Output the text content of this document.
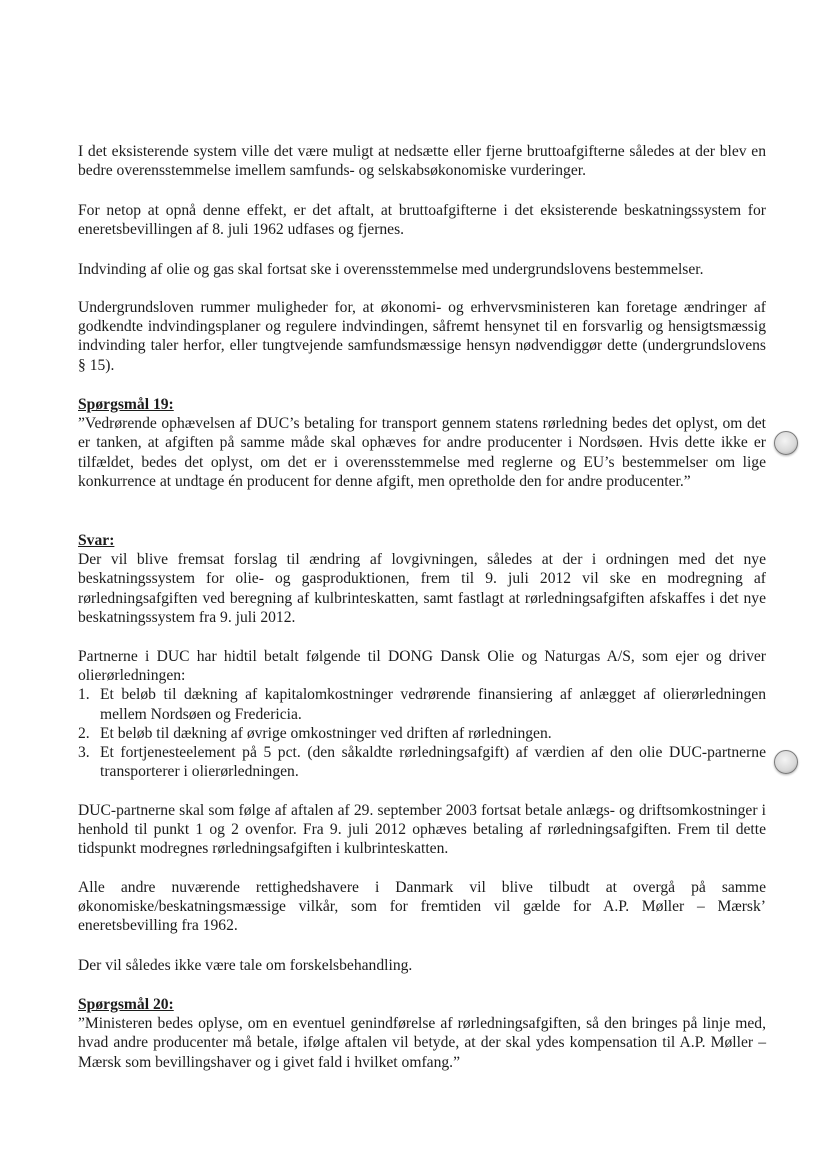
I det eksisterende system ville det være muligt at nedsætte eller fjerne bruttoafgifterne således at der blev en bedre overensstemmelse imellem samfunds- og selskabsøkonomiske vurderinger.

For netop at opnå denne effekt, er det aftalt, at bruttoafgifterne i det eksisterende beskatningssystem for eneretsbevillingen af 8. juli 1962 udfases og fjernes.

Indvinding af olie og gas skal fortsat ske i overensstemmelse med undergrundslovens bestemmelser.

Undergrundsloven rummer muligheder for, at økonomi- og erhvervsministeren kan foretage ændringer af godkendte indvindingsplaner og regulere indvindingen, såfremt hensynet til en forsvarlig og hensigtsmæssig indvinding taler herfor, eller tungtvejende samfundsmæssige hensyn nødvendiggør dette (undergrundslovens § 15).

Spørgsmål 19:

”Vedrørende ophævelsen af DUC’s betaling for transport gennem statens rørledning bedes det oplyst, om det er tanken, at afgiften på samme måde skal ophæves for andre producenter i Nordsøen. Hvis dette ikke er tilfældet, bedes det oplyst, om det er i overensstemmelse med reglerne og EU’s bestemmelser om lige konkurrence at undtage én producent for denne afgift, men opretholde den for andre producenter.”

Svar:

Der vil blive fremsat forslag til ændring af lovgivningen, således at der i ordningen med det nye beskatningssystem for olie- og gasproduktionen, frem til 9. juli 2012 vil ske en modregning af rørledningsafgiften ved beregning af kulbrinteskatten, samt fastlagt at rørledningsafgiften afskaffes i det nye beskatningssystem fra 9. juli 2012.

Partnerne i DUC har hidtil betalt følgende til DONG Dansk Olie og Naturgas A/S, som ejer og driver olierørledningen:

1. Et beløb til dækning af kapitalomkostninger vedrørende finansiering af anlægget af olierørledningen mellem Nordsøen og Fredericia.
2. Et beløb til dækning af øvrige omkostninger ved driften af rørledningen.
3. Et fortjenesteelement på 5 pct. (den såkaldte rørledningsafgift) af værdien af den olie DUC-partnerne transporterer i olierørledningen.

DUC-partnerne skal som følge af aftalen af 29. september 2003 fortsat betale anlægs- og driftsomkostninger i henhold til punkt 1 og 2 ovenfor. Fra 9. juli 2012 ophæves betaling af rørledningsafgiften. Frem til dette tidspunkt modregnes rørledningsafgiften i kulbrinteskatten.

Alle andre nuværende rettighedshavere i Danmark vil blive tilbudt at overgå på samme økonomiske/beskatningsmæssige vilkår, som for fremtiden vil gælde for A.P. Møller – Mærsk’ eneretsbevilling fra 1962.

Der vil således ikke være tale om forskelsbehandling.

Spørgsmål 20:

”Ministeren bedes oplyse, om en eventuel genindførelse af rørledningsafgiften, så den bringes på linje med, hvad andre producenter må betale, ifølge aftalen vil betyde, at der skal ydes kompensation til A.P. Møller – Mærsk som bevillingshaver og i givet fald i hvilket omfang.”
